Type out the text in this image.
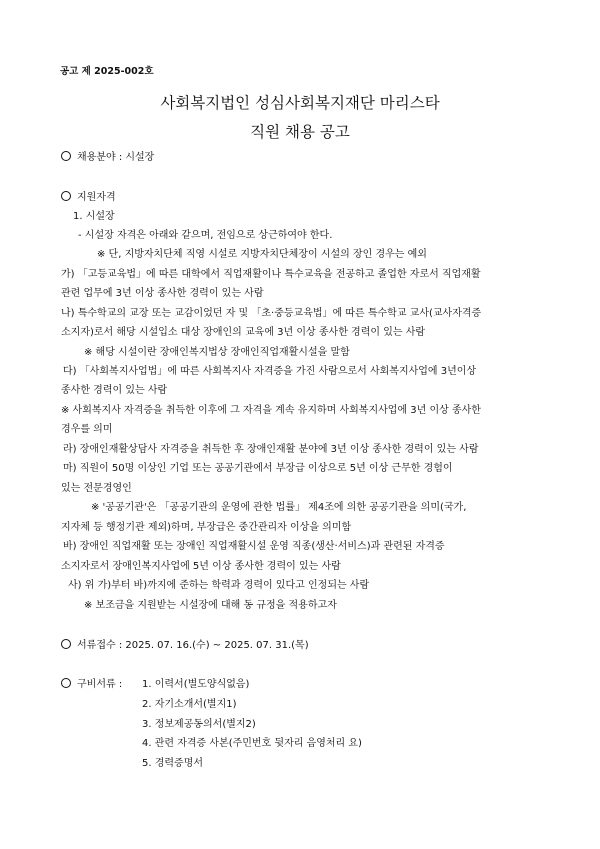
공고 제 2025-002호
사회복지법인 성심사회복지재단 마리스타
직원 채용 공고
채용분야 : 시설장
지원자격
1. 시설장
- 시설장 자격은 아래와 같으며, 전임으로 상근하여야 한다.
※ 단, 지방자치단체 직영 시설로 지방자치단체장이 시설의 장인 경우는 예외
가) 「고등교육법」에 따른 대학에서 직업재활이나 특수교육을 전공하고 졸업한 자로서 직업재활
관련 업무에 3년 이상 종사한 경력이 있는 사람
나) 특수학교의 교장 또는 교감이었던 자 및 「초·중등교육법」에 따른 특수학교 교사(교사자격증
소지자)로서 해당 시설입소 대상 장애인의 교육에 3년 이상 종사한 경력이 있는 사람
※ 해당 시설이란 장애인복지법상 장애인직업재활시설을 말함
다) 「사회복지사업법」에 따른 사회복지사 자격증을 가진 사람으로서 사회복지사업에 3년이상
종사한 경력이 있는 사람
※ 사회복지사 자격증을 취득한 이후에 그 자격을 계속 유지하며 사회복지사업에 3년 이상 종사한
경우를 의미
라) 장애인재활상담사 자격증을 취득한 후 장애인재활 분야에 3년 이상 종사한 경력이 있는 사람
마) 직원이 50명 이상인 기업 또는 공공기관에서 부장급 이상으로 5년 이상 근무한 경험이
있는 전문경영인
※ '공공기관'은 「공공기관의 운영에 관한 법률」 제4조에 의한 공공기관을 의미(국가,
지자체 등 행정기관 제외)하며, 부장급은 중간관리자 이상을 의미함
바) 장애인 직업재활 또는 장애인 직업재활시설 운영 직종(생산·서비스)과 관련된 자격증
소지자로서 장애인복지사업에 5년 이상 종사한 경력이 있는 사람
사) 위 가)부터 바)까지에 준하는 학력과 경력이 있다고 인정되는 사람
※ 보조금을 지원받는 시설장에 대해 동 규정을 적용하고자
서류접수 : 2025. 07. 16.(수) ~ 2025. 07. 31.(목)
구비서류 : 1. 이력서(별도양식없음)
2. 자기소개서(별지1)
3. 정보제공동의서(별지2)
4. 관련 자격증 사본(주민번호 뒷자리 음영처리 요)
5. 경력증명서
